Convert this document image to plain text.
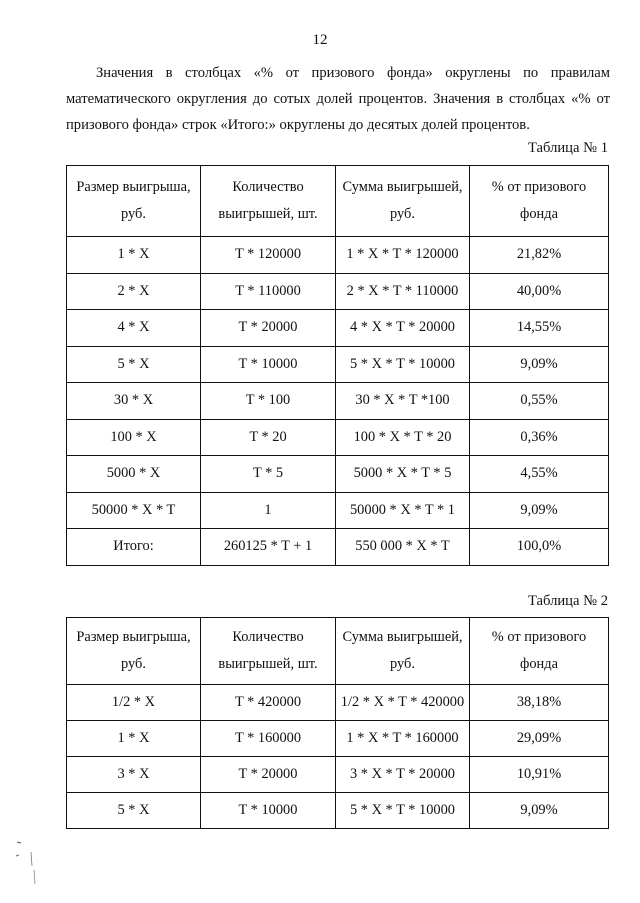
12

Значения в столбцах «% от призового фонда» округлены по правилам математического округления до сотых долей процентов. Значения в столбцах «% от призового фонда» строк «Итого:» округлены до десятых долей процентов.

Таблица № 1
Размер выигрыша, руб.	Количество выигрышей, шт.	Сумма выигрышей, руб.	% от призового фонда
1 * X	T * 120000	1 * X * T * 120000	21,82%
2 * X	T * 110000	2 * X * T * 110000	40,00%
4 * X	T * 20000	4 * X * T * 20000	14,55%
5 * X	T * 10000	5 * X * T * 10000	9,09%
30 * X	T * 100	30 * X * T *100	0,55%
100 * X	T * 20	100 * X * T * 20	0,36%
5000 * X	T * 5	5000 * X * T * 5	4,55%
50000 * X * T	1	50000 * X * T * 1	9,09%
Итого:	260125 * T + 1	550 000 * X * T	100,0%
Таблица № 2
Размер выигрыша, руб.	Количество выигрышей, шт.	Сумма выигрышей, руб.	% от призового фонда
1/2 * X	T * 420000	1/2 * X * T * 420000	38,18%
1 * X	T * 160000	1 * X * T * 160000	29,09%
3 * X	T * 20000	3 * X * T * 20000	10,91%
5 * X	T * 10000	5 * X * T * 10000	9,09%
